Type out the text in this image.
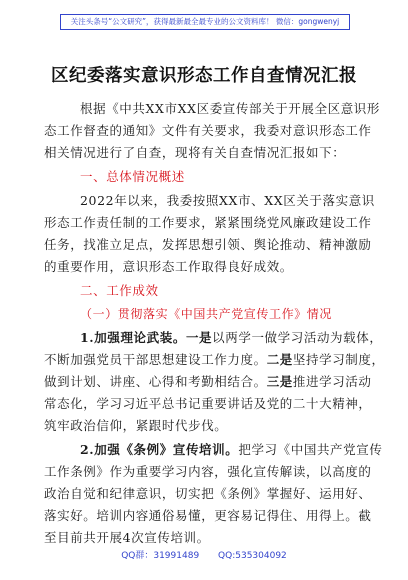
关注头条号“公文研究”，获得最新最全最专业的公文资料库！ 微信：gongwenyj
区纪委落实意识形态工作自查情况汇报
根据《中共XX市XX区委宣传部关于开展全区意识形
态工作督查的通知》文件有关要求，我委对意识形态工作
相关情况进行了自查，现将有关自查情况汇报如下：
一、总体情况概述
2022年以来，我委按照XX市、XX区关于落实意识
形态工作责任制的工作要求，紧紧围绕党风廉政建设工作
任务，找准立足点，发挥思想引领、舆论推动、精神激励
的重要作用，意识形态工作取得良好成效。
二、工作成效
（一）贯彻落实《中国共产党宣传工作》情况
1.加强理论武装。一是以两学一做学习活动为载体，
不断加强党员干部思想建设工作力度。二是坚持学习制度，
做到计划、讲座、心得和考勤相结合。三是推进学习活动
常态化，学习习近平总书记重要讲话及党的二十大精神，
筑牢政治信仰，紧跟时代步伐。
2.加强《条例》宣传培训。把学习《中国共产党宣传
工作条例》作为重要学习内容，强化宣传解读，以高度的
政治自觉和纪律意识，切实把《条例》掌握好、运用好、
落实好。培训内容通俗易懂，更容易记得住、用得上。截
至目前共开展4次宣传培训。
QQ群：31991489 QQ:535304092
